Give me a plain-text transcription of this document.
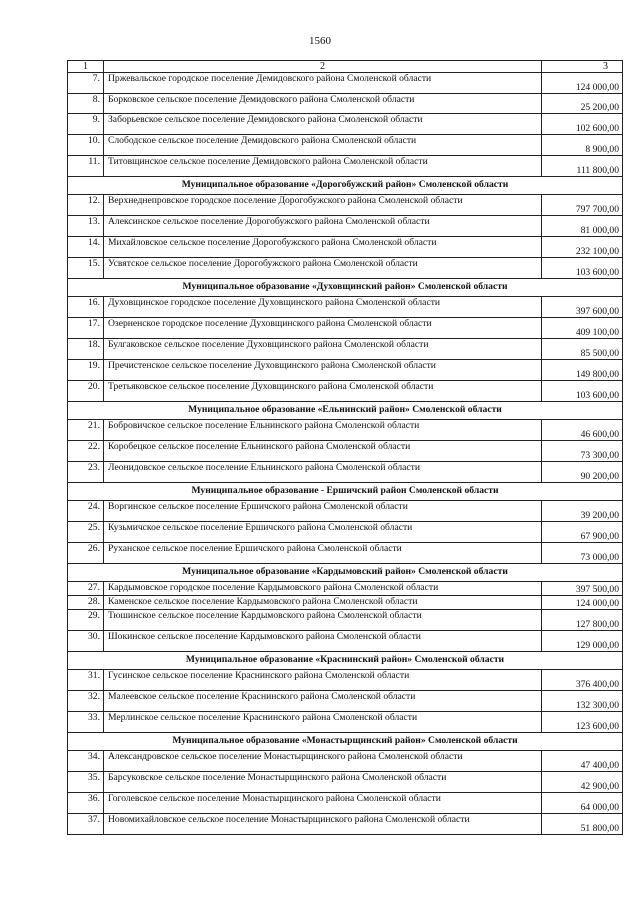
1560
1	2	3
7.	Пржевальское городское поселение Демидовского района Смоленской области	124 000,00
8.	Борковское сельское поселение Демидовского района Смоленской области	25 200,00
9.	Заборьевское сельское поселение Демидовского района Смоленской области	102 600,00
10.	Слободское сельское поселение Демидовского района Смоленской области	8 900,00
11.	Титовщинское сельское поселение Демидовского района Смоленской области	111 800,00
Муниципальное образование «Дорогобужский район» Смоленской области		
12.	Верхнеднепровское городское поселение Дорогобужского района Смоленской области	797 700,00
13.	Алексинское сельское поселение Дорогобужского района Смоленской области	81 000,00
14.	Михайловское сельское поселение Дорогобужского района Смоленской области	232 100,00
15.	Усвятское сельское поселение Дорогобужского района Смоленской области	103 600,00
Муниципальное образование «Духовщинский район» Смоленской области		
16.	Духовщинское городское поселение Духовщинского района Смоленской области	397 600,00
17.	Озерненское городское поселение Духовщинского района Смоленской области	409 100,00
18.	Булгаковское сельское поселение Духовщинского района Смоленской области	85 500,00
19.	Пречистенское сельское поселение Духовщинского района Смоленской области	149 800,00
20.	Третьяковское сельское поселение Духовщинского района Смоленской области	103 600,00
Муниципальное образование «Ельнинский район» Смоленской области		
21.	Бобровичское сельское поселение Ельнинского района Смоленской области	46 600,00
22.	Коробецкое сельское поселение Ельнинского района Смоленской области	73 300,00
23.	Леонидовское сельское поселение Ельнинского района Смоленской области	90 200,00
Муниципальное образование - Ершичский район Смоленской области		
24.	Воргинское сельское поселение Ершичского района Смоленской области	39 200,00
25.	Кузьмичское сельское поселение Ершичского района Смоленской области	67 900,00
26.	Руханское сельское поселение Ершичского района Смоленской области	73 000,00
Муниципальное образование «Кардымовский район» Смоленской области		
27.	Кардымовское городское поселение Кардымовского района Смоленской области	397 500,00
28.	Каменское сельское поселение Кардымовского района Смоленской области	124 000,00
29.	Тюшинское сельское поселение Кардымовского района Смоленской области	127 800,00
30.	Шокинское сельское поселение Кардымовского района Смоленской области	129 000,00
Муниципальное образование «Краснинский район» Смоленской области		
31.	Гусинское сельское поселение Краснинского района Смоленской области	376 400,00
32.	Малеевское сельское поселение Краснинского района Смоленской области	132 300,00
33.	Мерлинское сельское поселение Краснинского района Смоленской области	123 600,00
Муниципальное образование «Монастырщинский район» Смоленской области		
34.	Александровское сельское поселение Монастырщинского района Смоленской области	47 400,00
35.	Барсуковское сельское поселение Монастырщинского района Смоленской области	42 900,00
36.	Гоголевское сельское поселение Монастырщинского района Смоленской области	64 000,00
37.	Новомихайловское сельское поселение Монастырщинского района Смоленской области	51 800,00
